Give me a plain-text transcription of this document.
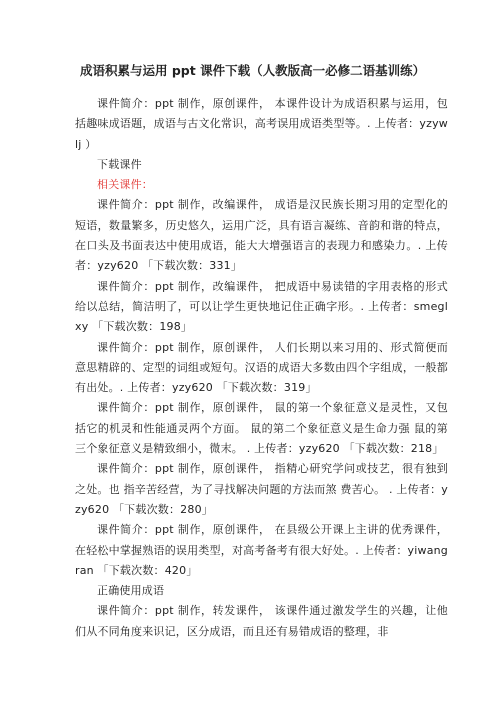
成语积累与运用 ppt 课件下载（人教版高一必修二语基训练）

课件简介：ppt 制作，原创课件， 本课件设计为成语积累与运用，包括趣味成语题，成语与古文化常识，高考误用成语类型等。. 上传者：yzywlj ）

下载课件

相关课件：

课件简介：ppt 制作，改编课件， 成语是汉民族长期习用的定型化的短语，数量繁多，历史悠久，运用广泛，具有语言凝练、音韵和谐的特点，在口头及书面表达中使用成语，能大大增强语言的表现力和感染力。. 上传者：yzy620 「下载次数：331」

课件简介：ppt 制作，改编课件， 把成语中易读错的字用表格的形式给以总结，简洁明了，可以让学生更快地记住正确字形。. 上传者：smeglxy 「下载次数：198」

课件简介：ppt 制作，原创课件， 人们长期以来习用的、形式简便而意思精辟的、定型的词组或短句。汉语的成语大多数由四个字组成，一般都有出处。. 上传者：yzy620 「下载次数：319」

课件简介：ppt 制作，原创课件， 鼠的第一个象征意义是灵性，又包括它的机灵和性能通灵两个方面。 鼠的第二个象征意义是生命力强 鼠的第三个象征意义是精致细小，微末。 . 上传者：yzy620 「下载次数：218」

课件简介：ppt 制作，原创课件， 指精心研究学问或技艺，很有独到之处。也 指辛苦经营，为了寻找解决问题的方法而煞 费苦心。 . 上传者：yzy620 「下载次数：280」

课件简介：ppt 制作，原创课件， 在县级公开课上主讲的优秀课件，在轻松中掌握熟语的误用类型，对高考备考有很大好处。. 上传者：yiwangran 「下载次数：420」

正确使用成语

课件简介：ppt 制作，转发课件， 该课件通过激发学生的兴趣，让他们从不同角度来识记，区分成语，而且还有易错成语的整理，非
